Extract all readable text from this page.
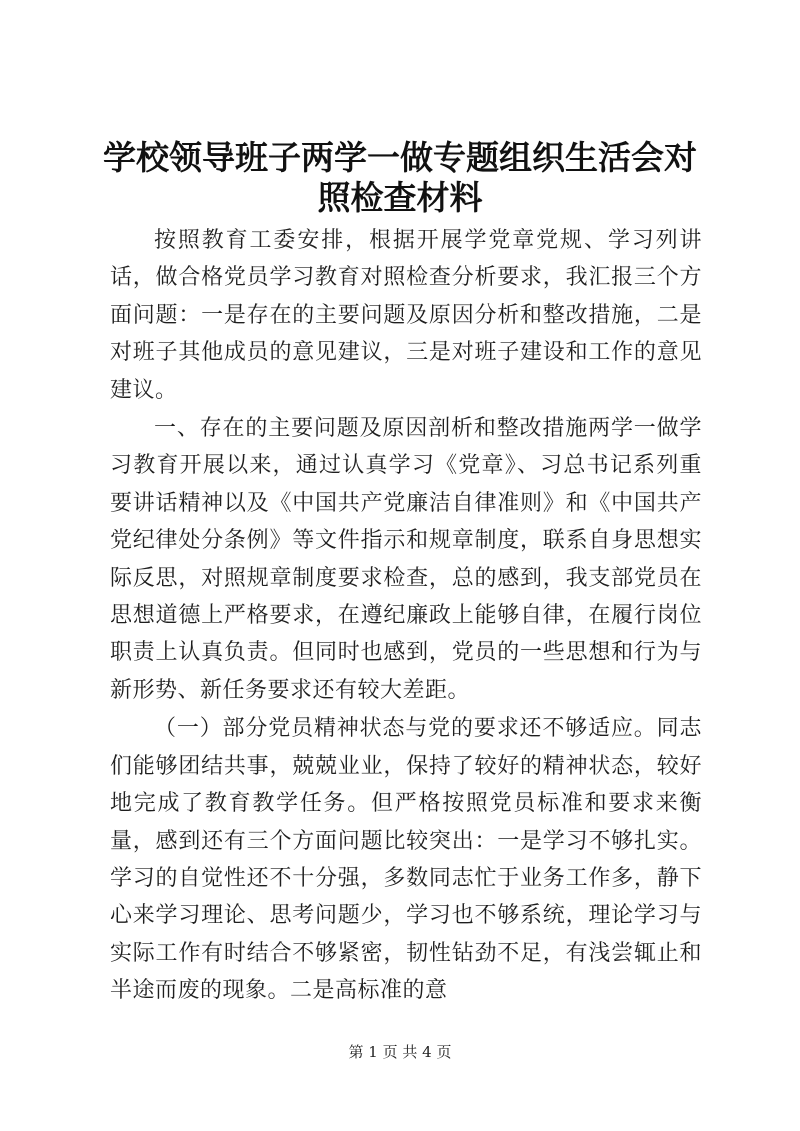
学校领导班子两学一做专题组织生活会对照检查材料

按照教育工委安排，根据开展学党章党规、学习列讲话，做合格党员学习教育对照检查分析要求，我汇报三个方面问题：一是存在的主要问题及原因分析和整改措施，二是对班子其他成员的意见建议，三是对班子建设和工作的意见建议。

一、存在的主要问题及原因剖析和整改措施两学一做学习教育开展以来，通过认真学习《党章》、习总书记系列重要讲话精神以及《中国共产党廉洁自律准则》和《中国共产党纪律处分条例》等文件指示和规章制度，联系自身思想实际反思，对照规章制度要求检查，总的感到，我支部党员在思想道德上严格要求，在遵纪廉政上能够自律，在履行岗位职责上认真负责。但同时也感到，党员的一些思想和行为与新形势、新任务要求还有较大差距。

（一）部分党员精神状态与党的要求还不够适应。同志们能够团结共事，兢兢业业，保持了较好的精神状态，较好地完成了教育教学任务。但严格按照党员标准和要求来衡量，感到还有三个方面问题比较突出：一是学习不够扎实。学习的自觉性还不十分强，多数同志忙于业务工作多，静下心来学习理论、思考问题少，学习也不够系统，理论学习与实际工作有时结合不够紧密，韧性钻劲不足，有浅尝辄止和半途而废的现象。二是高标准的意

第 1 页 共 4 页
